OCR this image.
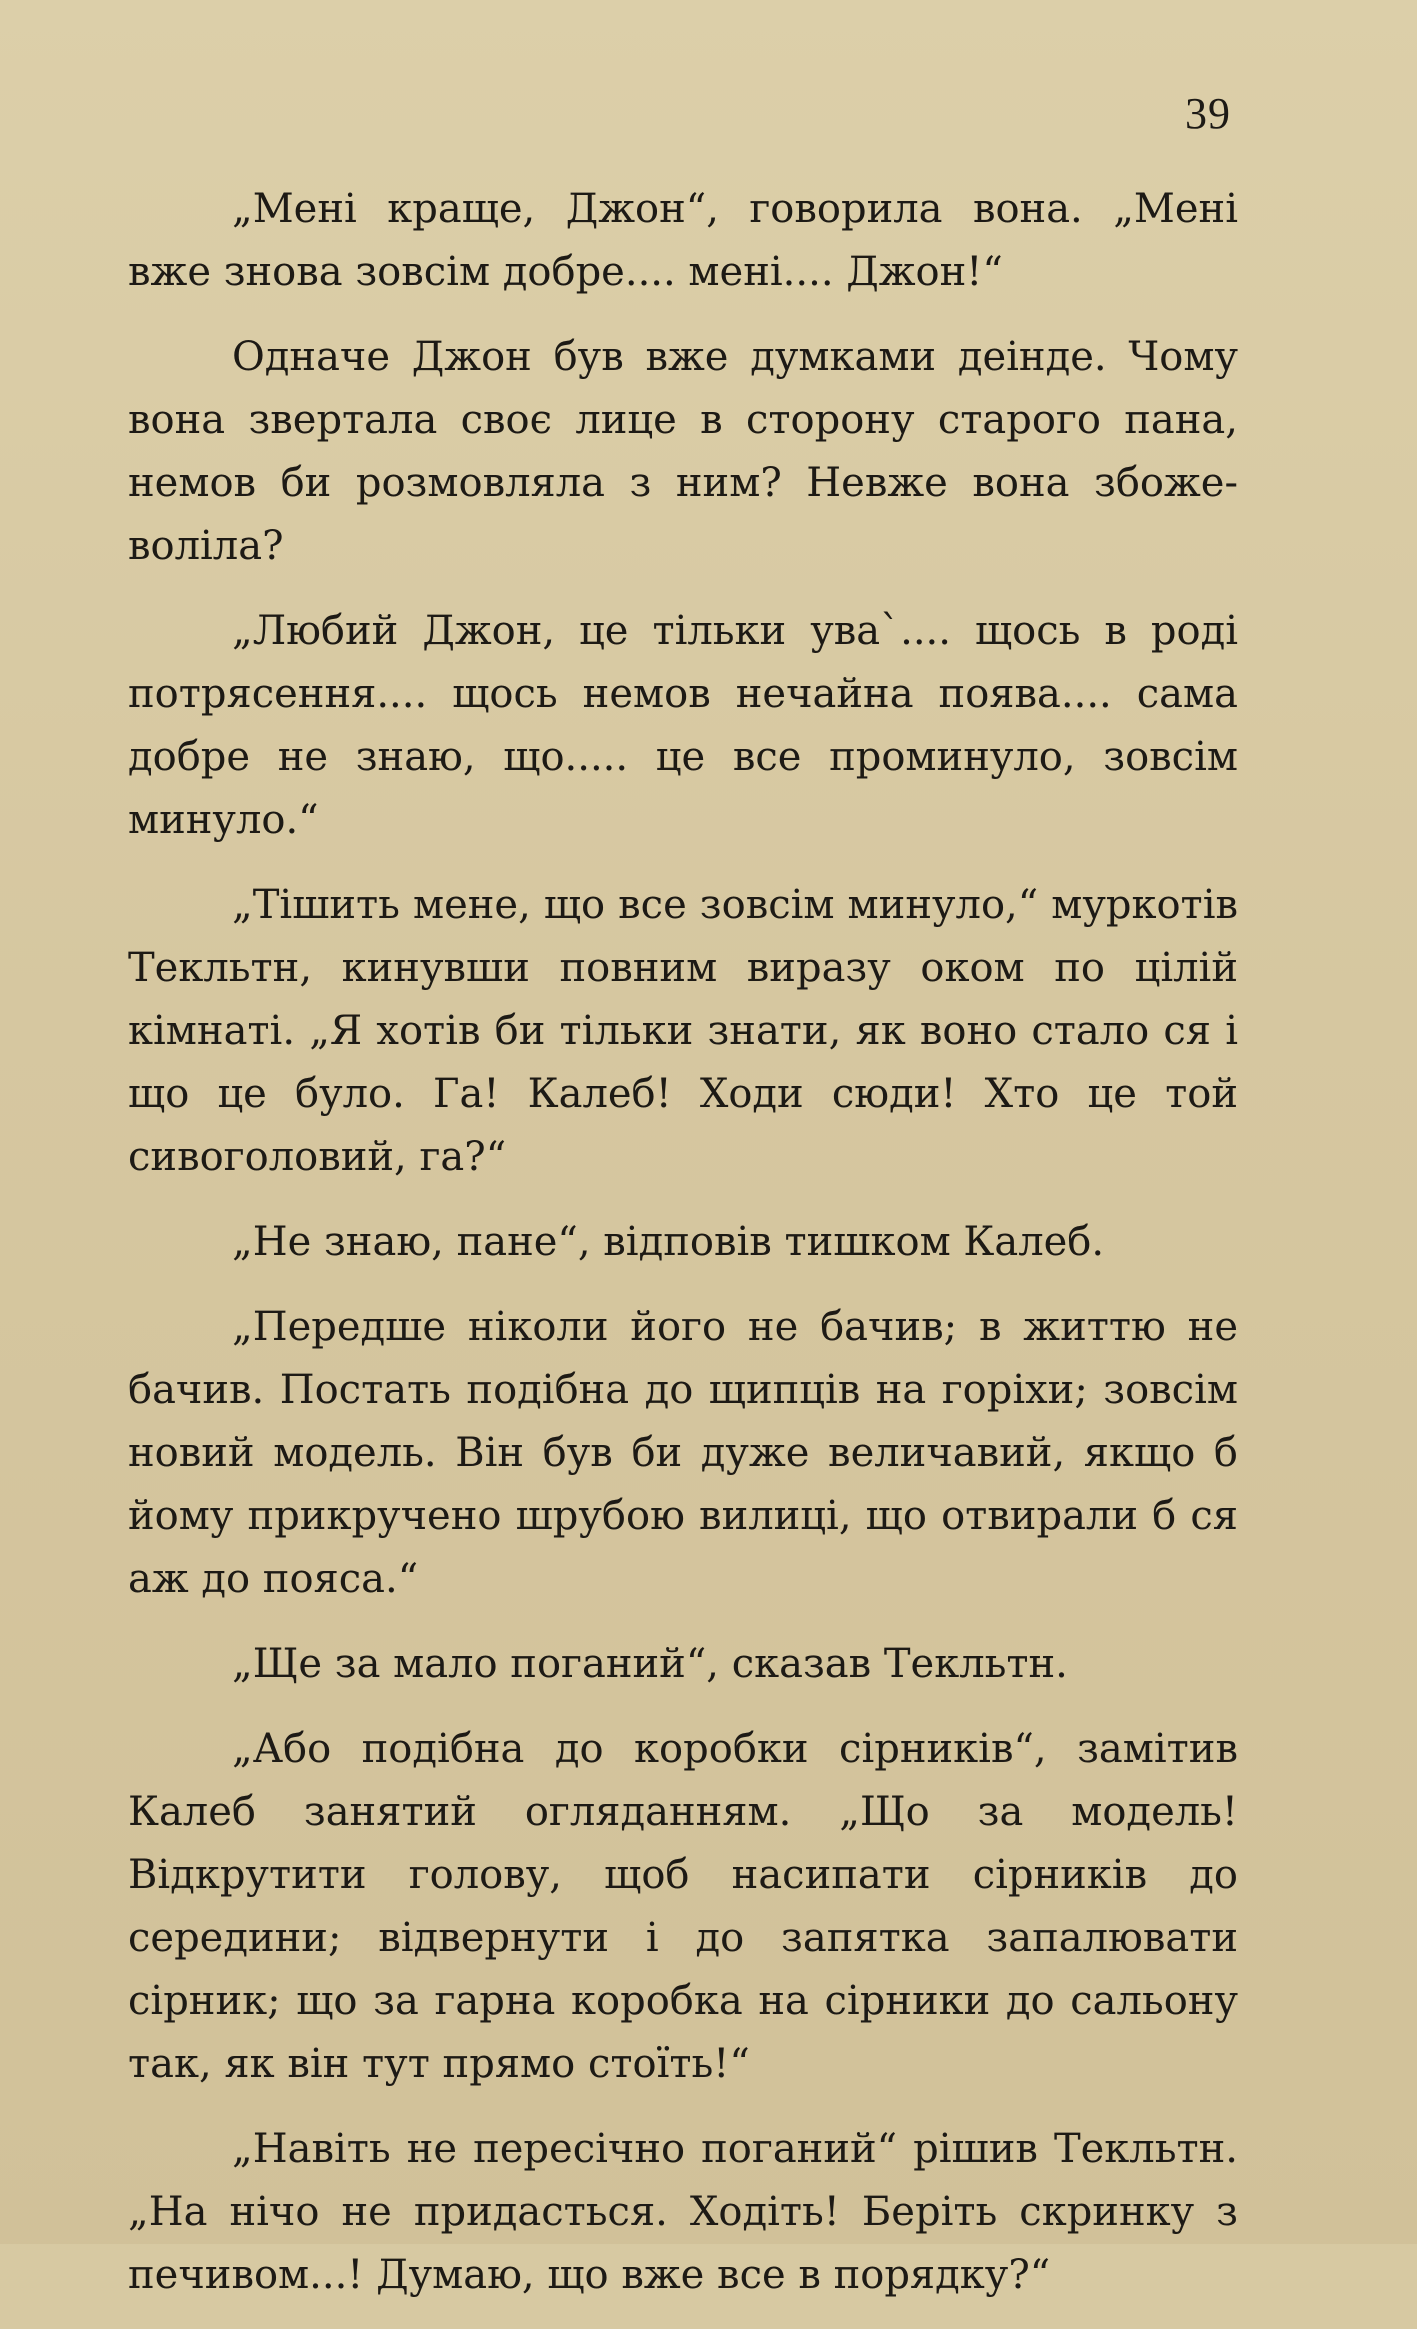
39

„Мені краще, Джон“, говорила вона. „Мені вже знова зовсім добре.... мені.... Джон!“

Одначе Джон був вже думками деінде. Чому вона звертала своє лице в сторону старого пана, немов би розмовляла з ним? Невже вона збоже-воліла?

„Любий Джон, це тільки ува`.... щось в роді потрясення.... щось немов нечайна поява.... сама добре не знаю, що..... це все проминуло, зовсім минуло.“

„Тішить мене, що все зовсім минуло,“ муркотів Текльтн, кинувши повним виразу оком по цілій кімнаті. „Я хотів би тільки знати, як воно стало ся і що це було. Га! Калеб! Ходи сюди! Хто це той сивоголовий, га?“

„Не знаю, пане“, відповів тишком Калеб.

„Передше ніколи його не бачив; в життю не бачив. Постать подібна до щипців на горіхи; зовсім новий модель. Він був би дуже величавий, якщо б йому прикручено шрубою вилиці, що отвирали б ся аж до пояса.“

„Ще за мало поганий“, сказав Текльтн.

„Або подібна до коробки сірників“, замітив Калеб занятий огляданням. „Що за модель! Відкрутити голову, щоб насипати сірників до середини; відвернути і до запятка запалювати сірник; що за гарна коробка на сірники до сальону так, як він тут прямо стоїть!“

„Навіть не пересічно поганий“ рішив Текльтн. „На нічо не придасться. Ходіть! Беріть скринку з печивом...! Думаю, що вже все в порядку?“
